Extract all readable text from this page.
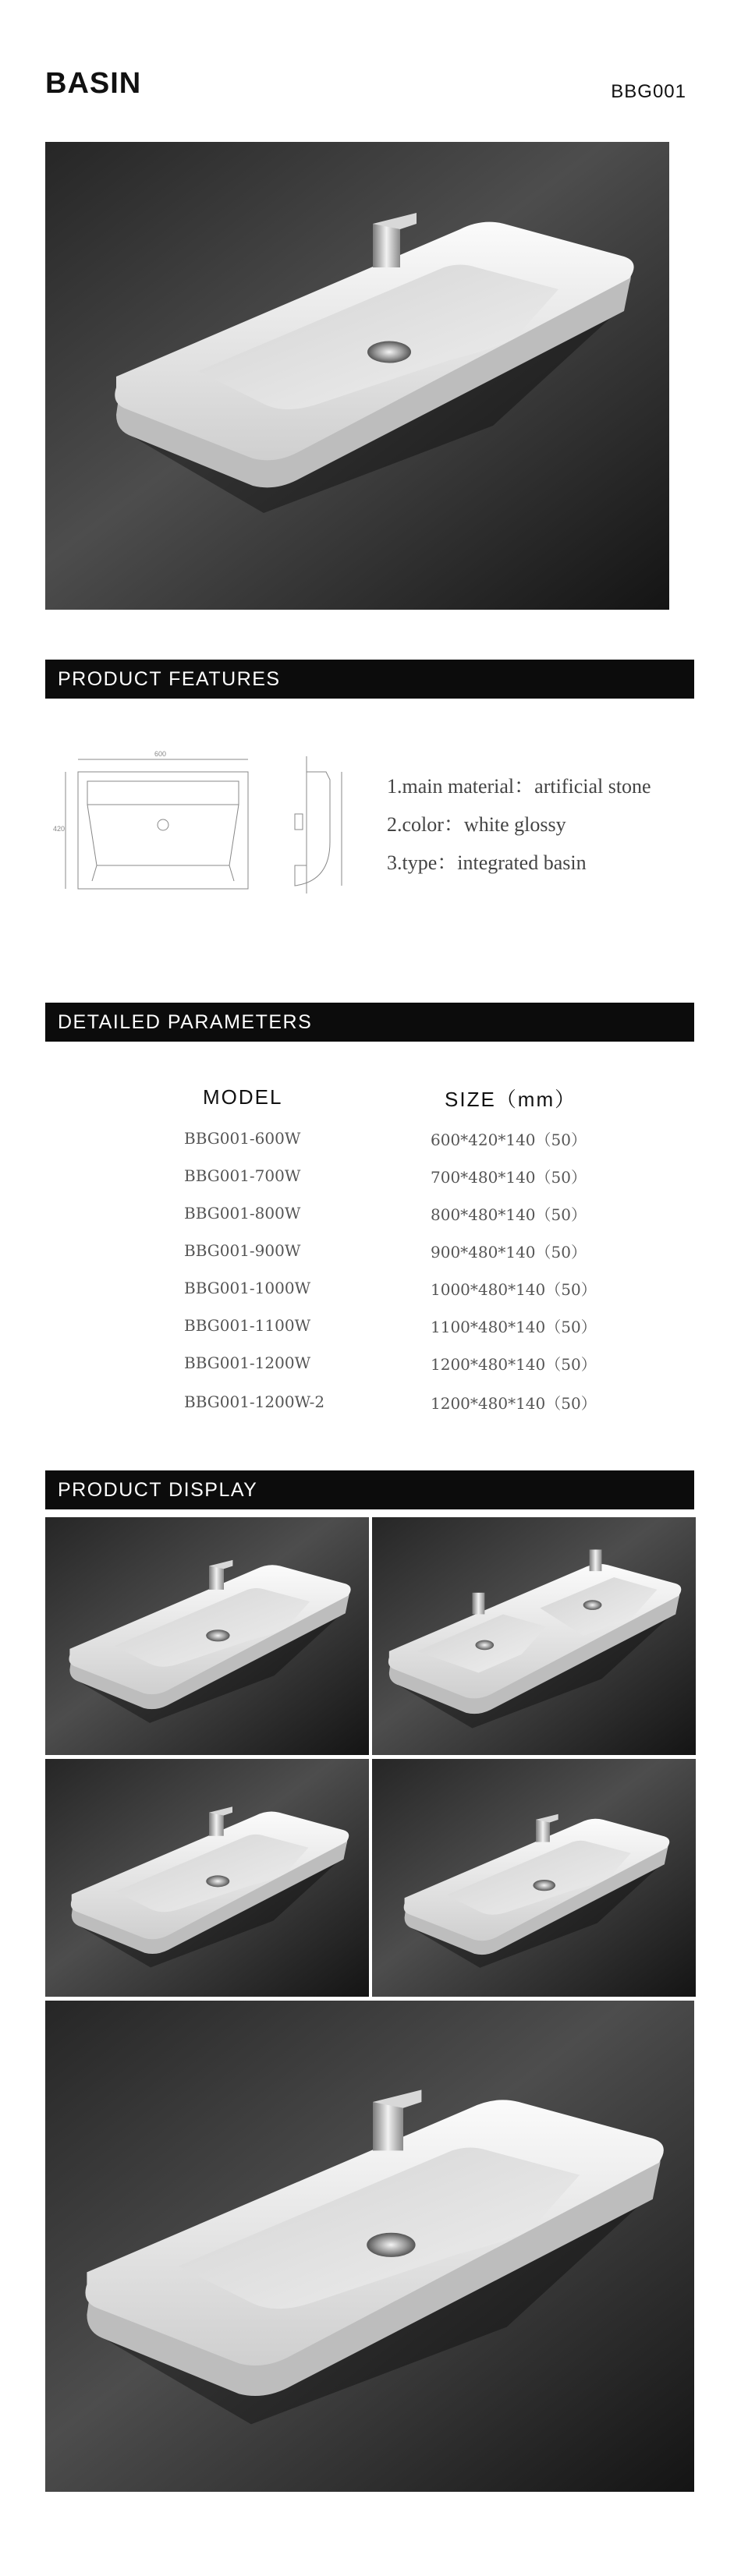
BASIN	BBG001
PRODUCT FEATURES
600
420
1.main material：artificial stone
2.color：white glossy
3.type：integrated basin
DETAILED PARAMETERS
MODEL	SIZE（mm）
BBG001-600W	600*420*140（50）
BBG001-700W	700*480*140（50）
BBG001-800W	800*480*140（50）
BBG001-900W	900*480*140（50）
BBG001-1000W	1000*480*140（50）
BBG001-1100W	1100*480*140（50）
BBG001-1200W	1200*480*140（50）
BBG001-1200W-2	1200*480*140（50）
PRODUCT DISPLAY
